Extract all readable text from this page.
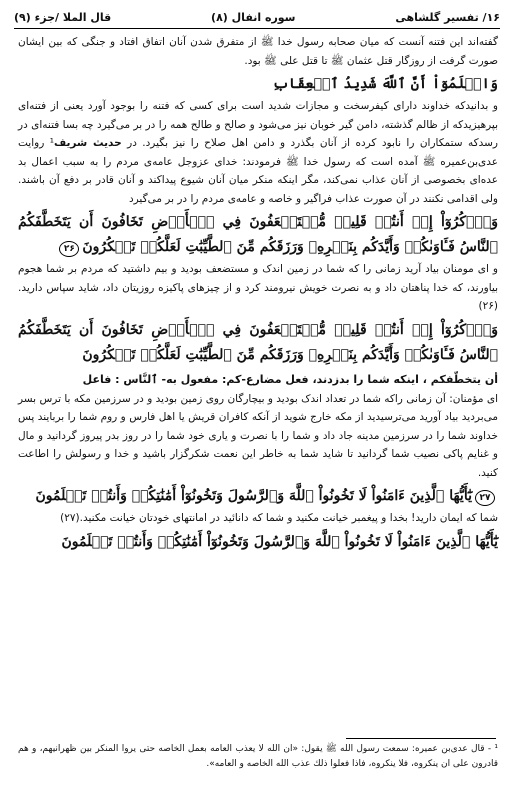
۱۶/ تفسیر گلشاهی
سوره انفال (۸)
قال الملا /جزء (۹)

گفته‌اند این فتنه آنست که میان صحابه رسول خدا ﷺ از متفرق شدن آنان اتفاق افتاد و جنگی که بین ایشان صورت گرفت از روزگار قتل عثمان ﷺ تا قتل علی ﷺ بود.

وَاعۡلَمُوٓاْ أَنَّ ٱللَّهَ شَدِيدُ ٱلۡعِقَابِ

و بدانیدکه خداوند دارای کیفرسخت و مجازات شدید است برای کسی که فتنه را بوجود آورد یعنی از فتنه‌ای بپرهیزیدکه از ظالم گذشته، دامن گیر خوبان نیز می‌شود و صالح و طالح همه را در بر می‌گیرد چه بسا فتنه‌ای در رسدکه ستمکاران را نابود کرده از آنان بگذرد و دامن اهل صلاح را نیز بگیرد. در حدیث شریف¹ روایت عدی‌بن‌عمیره ﷺ آمده است که رسول خدا ﷺ فرمودند: خدای عزوجل عامه‌ی مردم را به سبب اعمال بد عده‌ای بخصوصی از آنان عذاب نمی‌کند، مگر اینکه منکر میان آنان شیوع پیداکند و آنان قادر بر دفع آن باشند. ولی اقدامی نکنند در آن صورت عذاب فراگیر و خاصه و عامه‌ی مردم را در بر می‌گیرد

وَٱذۡكُرُوٓاْ إِذۡ أَنتُمۡ قَلِيلٞ مُّسۡتَضۡعَفُونَ فِي ٱلۡأَرۡضِ تَخَافُونَ أَن يَتَخَطَّفَكُمُ ٱلنَّاسُ فَـَٔاوَىٰكُمۡ وَأَيَّدَكُم بِنَصۡرِهِۦ وَرَزَقَكُم مِّنَ ٱلطَّيِّبَٰتِ لَعَلَّكُمۡ تَشۡكُرُونَ۲۶

و ای مومنان بیاد آرید زمانی را که شما در زمین اندک و مستضعف بودید و بیم داشتید که مردم بر شما هجوم بیاورند، که خدا پناهتان داد و به نصرت خویش نیرومند کرد و از چیزهای پاکیزه روزیتان داد، شاید سپاس دارید.(۲۶)

وَٱذۡكُرُوٓاْ إِذۡ أَنتُمۡ قَلِيلٞ مُّسۡتَضۡعَفُونَ فِي ٱلۡأَرۡضِ تَخَافُونَ أَن يَتَخَطَّفَكُمُ ٱلنَّاسُ فَـَٔاوَىٰكُمۡ وَأَيَّدَكُم بِنَصۡرِهِۦ وَرَزَقَكُم مِّنَ ٱلطَّيِّبَٰتِ لَعَلَّكُمۡ تَشۡكُرُونَ

أن يتخطّفكم ، اينکه شما را بدزدند، فعل مضارع-کم: مفعول به- ٱلنَّاس : فاعل

ای مؤمنان: آن زمانی راکه شما در تعداد اندک بودید و بیچارگان روی زمین بودید و در سرزمین مکه با ترس بسر می‌بردید بیاد آورید می‌ترسیدید از مکه خارج شوید از آنکه کافران قریش یا اهل فارس و روم شما را بربایند پس خداوند شما را در سرزمین مدینه جاد داد و شما را با نصرت و یاری خود شما را در روز بدر پیروز گردانید و مال و غنایم پاکی نصیب شما گردانید تا شاید شما به خاطر این نعمت شکرگزار باشید و خدا و رسولش را اطاعت کنید.

۲۷يَٰٓأَيُّهَا ٱلَّذِينَ ءَامَنُواْ لَا تَخُونُواْ ٱللَّهَ وَٱلرَّسُولَ وَتَخُونُوٓاْ أَمَٰنَٰتِكُمۡ وَأَنتُمۡ تَعۡلَمُونَ

شما که ایمان دارید! بخدا و پیغمبر خیانت مکنید و شما که دانائید در امانتهای خودتان خیانت مکنید.(۲۷)

يَٰٓأَيُّهَا ٱلَّذِينَ ءَامَنُواْ لَا تَخُونُواْ ٱللَّهَ وَٱلرَّسُولَ وَتَخُونُوٓاْ أَمَٰنَٰتِكُمۡ وَأَنتُمۡ تَعۡلَمُونَ

¹ - قال عدی‌بن عمیره: سمعت رسول الله ﷺ يقول: «ان الله لا يعذب العامه بعمل الخاصه حتى يروا المنكر بين ظهرانيهم، و هم قادرون علی ان ينكروه، فلا ينكروه، فاذا فعلوا ذلك عذب الله الخاصه و العامه».
